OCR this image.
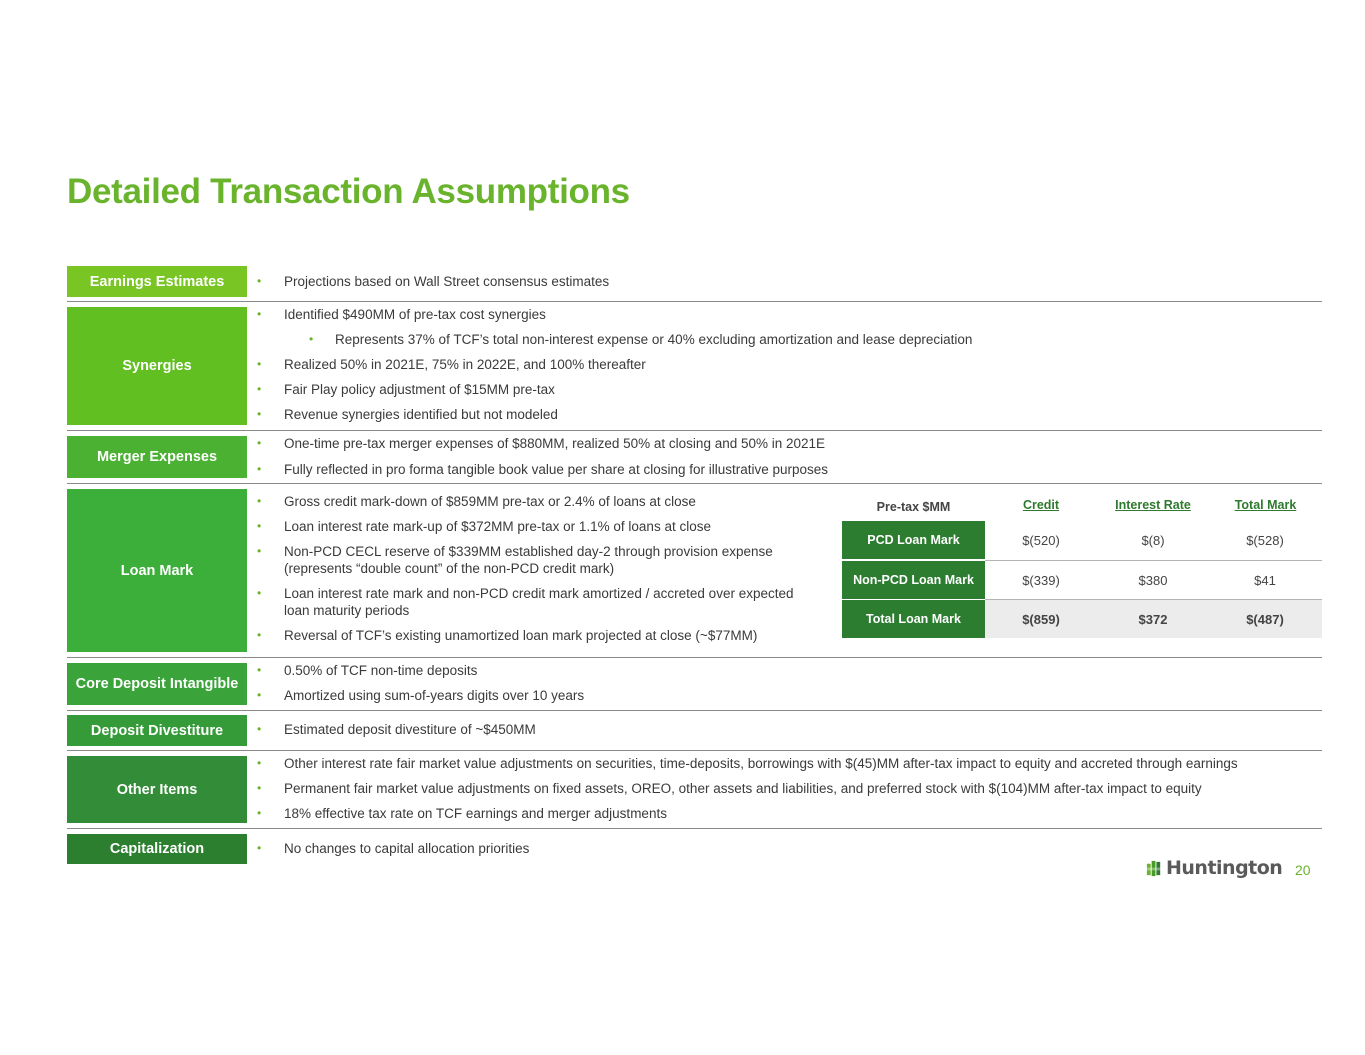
Detailed Transaction Assumptions
Earnings Estimates	• Projections based on Wall Street consensus estimates
Synergies
• Identified $490MM of pre-tax cost synergies
• Represents 37% of TCF’s total non-interest expense or 40% excluding amortization and lease depreciation
• Realized 50% in 2021E, 75% in 2022E, and 100% thereafter
• Fair Play policy adjustment of $15MM pre-tax
• Revenue synergies identified but not modeled
Merger Expenses
• One-time pre-tax merger expenses of $880MM, realized 50% at closing and 50% in 2021E
• Fully reflected in pro forma tangible book value per share at closing for illustrative purposes
Loan Mark
• Gross credit mark-down of $859MM pre-tax or 2.4% of loans at close
• Loan interest rate mark-up of $372MM pre-tax or 1.1% of loans at close
• Non-PCD CECL reserve of $339MM established day-2 through provision expense (represents “double count” of the non-PCD credit mark)
• Loan interest rate mark and non-PCD credit mark amortized / accreted over expected loan maturity periods
• Reversal of TCF’s existing unamortized loan mark projected at close (~$77MM)
Pre-tax $MM	Credit	Interest Rate	Total Mark
PCD Loan Mark	$(520)	$(8)	$(528)
Non-PCD Loan Mark	$(339)	$380	$41
Total Loan Mark	$(859)	$372	$(487)
Core Deposit Intangible
• 0.50% of TCF non-time deposits
• Amortized using sum-of-years digits over 10 years
Deposit Divestiture	• Estimated deposit divestiture of ~$450MM
Other Items
• Other interest rate fair market value adjustments on securities, time-deposits, borrowings with $(45)MM after-tax impact to equity and accreted through earnings
• Permanent fair market value adjustments on fixed assets, OREO, other assets and liabilities, and preferred stock with $(104)MM after-tax impact to equity
• 18% effective tax rate on TCF earnings and merger adjustments
Capitalization	• No changes to capital allocation priorities
Huntington 20
